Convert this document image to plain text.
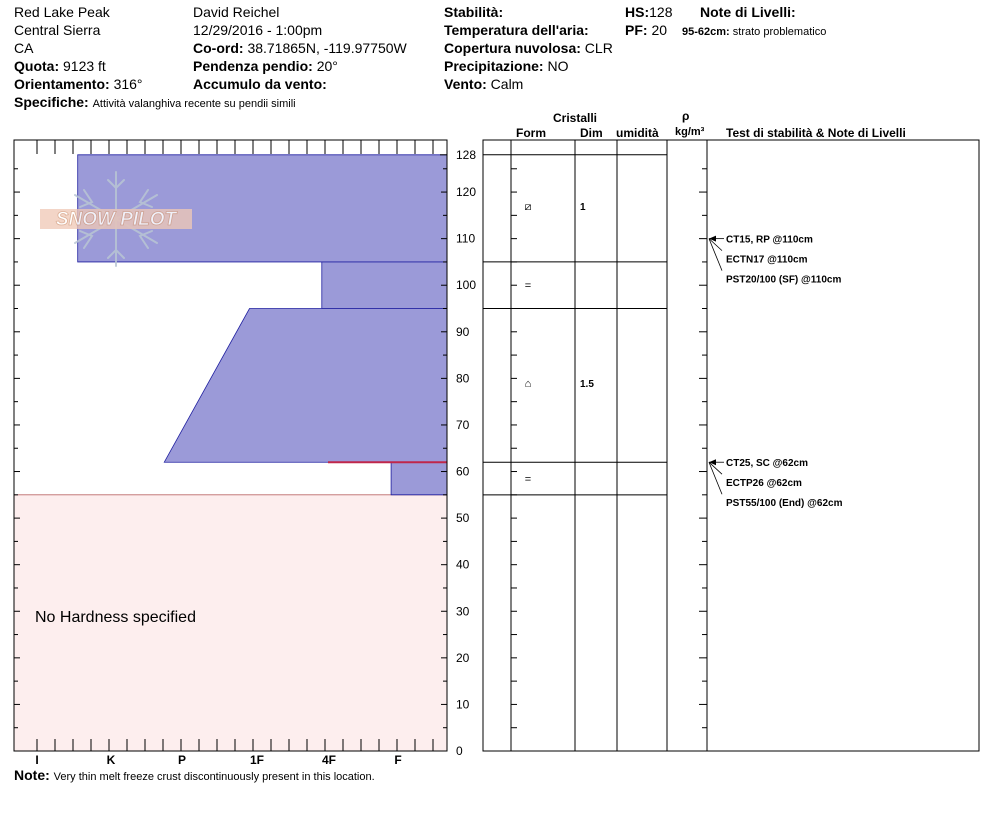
Red Lake Peak
Central Sierra
CA
Quota: 9123 ft
Orientamento: 316°
Specifiche: Attività valanghiva recente su pendii simili
David Reichel
12/29/2016 - 1:00pm
Co-ord: 38.71865N, -119.97750W
Pendenza pendio: 20°
Accumulo da vento:
Stabilità:
Temperatura dell'aria:
Copertura nuvolosa: CLR
Precipitazione: NO
Vento: Calm
HS:128
PF: 20
Note di Livelli:
95-62cm: strato problematico
Cristalli
Form	Dim umidità
ρ
kg/m³ Test di stabilità & Note di Livelli
SNOW PILOT
No Hardness specified
0
10
20
30
40
50
60
70
80
90
100
110
120
128
I	K	P	1F	4F	F
⧄	1
=
⌂	1.5
=
CT15, RP @110cm
ECTN17 @110cm
PST20/100 (SF) @110cm
CT25, SC @62cm
ECTP26 @62cm
PST55/100 (End) @62cm
Note: Very thin melt freeze crust discontinuously present in this location.
